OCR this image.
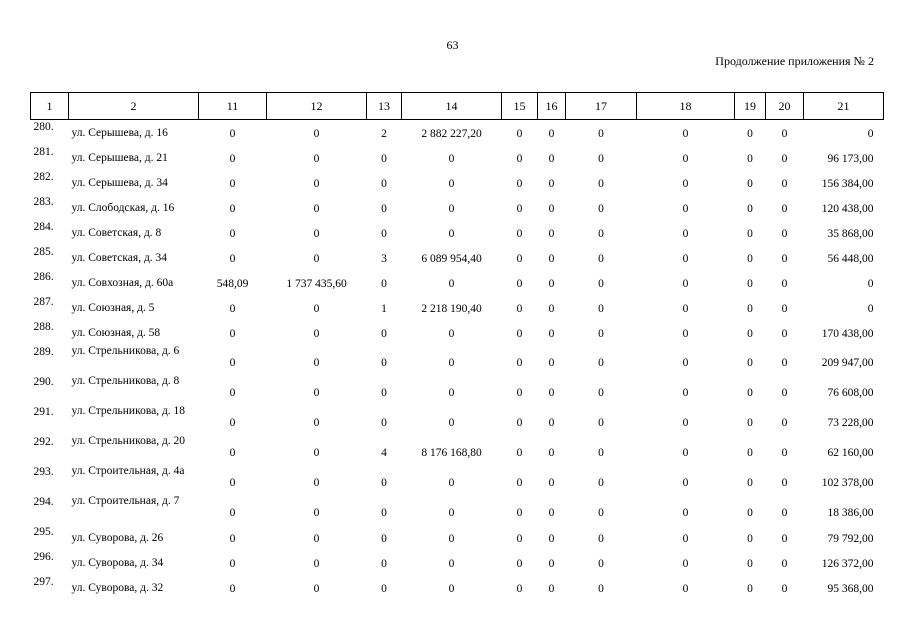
63
Продолжение приложения № 2
1	2	11	12	13	14	15	16	17	18	19	20	21

280.	ул. Серышева, д. 16	0	0	2	2 882 227,20	0	0	0	0	0	0	0

281.	ул. Серышева, д. 21	0	0	0	0	0	0	0	0	0	0	96 173,00

282.	ул. Серышева, д. 34	0	0	0	0	0	0	0	0	0	0	156 384,00

283.	ул. Слободская, д. 16	0	0	0	0	0	0	0	0	0	0	120 438,00

284.	ул. Советская, д. 8	0	0	0	0	0	0	0	0	0	0	35 868,00

285.	ул. Советская, д. 34	0	0	3	6 089 954,40	0	0	0	0	0	0	56 448,00

286.	ул. Совхозная, д. 60а	548,09	1 737 435,60	0	0	0	0	0	0	0	0	0

287.	ул. Союзная, д. 5	0	0	1	2 218 190,40	0	0	0	0	0	0	0

288.	ул. Союзная, д. 58	0	0	0	0	0	0	0	0	0	0	170 438,00

289.	ул. Стрельникова, д. 6	0	0	0	0	0	0	0	0	0	0	209 947,00

290.	ул. Стрельникова, д. 8	0	0	0	0	0	0	0	0	0	0	76 608,00

291.	ул. Стрельникова, д. 18	0	0	0	0	0	0	0	0	0	0	73 228,00

292.	ул. Стрельникова, д. 20	0	0	4	8 176 168,80	0	0	0	0	0	0	62 160,00

293.	ул. Строительная, д. 4а	0	0	0	0	0	0	0	0	0	0	102 378,00

294.	ул. Строительная, д. 7	0	0	0	0	0	0	0	0	0	0	18 386,00

295.	ул. Суворова, д. 26	0	0	0	0	0	0	0	0	0	0	79 792,00

296.	ул. Суворова, д. 34	0	0	0	0	0	0	0	0	0	0	126 372,00

297.	ул. Суворова, д. 32	0	0	0	0	0	0	0	0	0	0	95 368,00
